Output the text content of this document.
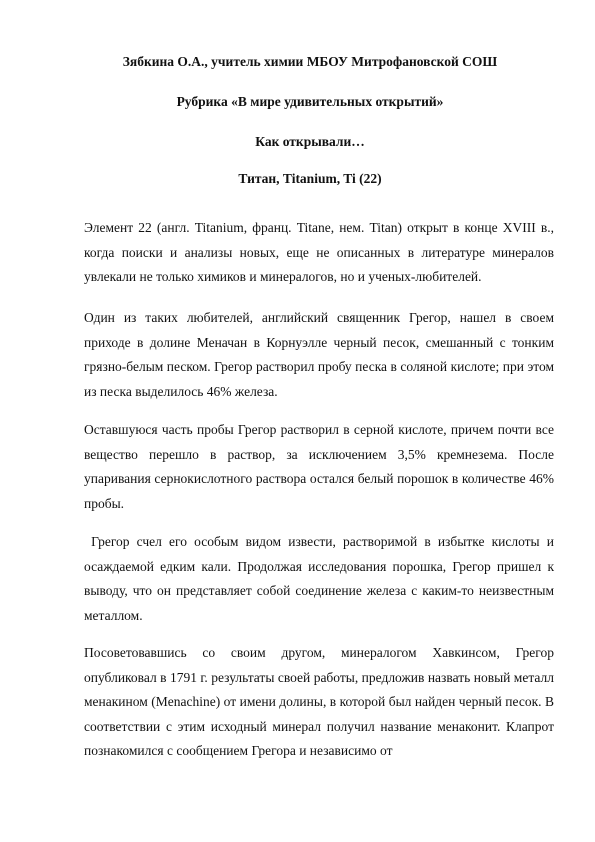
Зябкина О.А., учитель химии МБОУ Митрофановской СОШ
Рубрика «В мире удивительных открытий»
Как открывали…
Титан, Titanium, Ti (22)
Элемент 22 (англ. Titanium, франц. Titane, нем. Titan) открыт в конце XVIII в., когда поиски и анализы новых, еще не описанных в литературе минералов увлекали не только химиков и минералогов, но и ученых-любителей.
Один из таких любителей, английский священник Грегор, нашел в своем приходе в долине Меначан в Корнуэлле черный песок, смешанный с тонким грязно-белым песком. Грегор растворил пробу песка в соляной кислоте; при этом из песка выделилось 46% железа.
Оставшуюся часть пробы Грегор растворил в серной кислоте, причем почти все вещество перешло в раствор, за исключением 3,5% кремнезема. После упаривания сернокислотного раствора остался белый порошок в количестве 46% пробы.
Грегор счел его особым видом извести, растворимой в избытке кислоты и осаждаемой едким кали. Продолжая исследования порошка, Грегор пришел к выводу, что он представляет собой соединение железа с каким-то неизвестным металлом.
Посоветовавшись со своим другом, минералогом Хавкинсом, Грегор опубликовал в 1791 г. результаты своей работы, предложив назвать новый металл менакином (Menachine) от имени долины, в которой был найден черный песок. В соответствии с этим исходный минерал получил название менаконит. Клапрот познакомился с сообщением Грегора и независимо от
